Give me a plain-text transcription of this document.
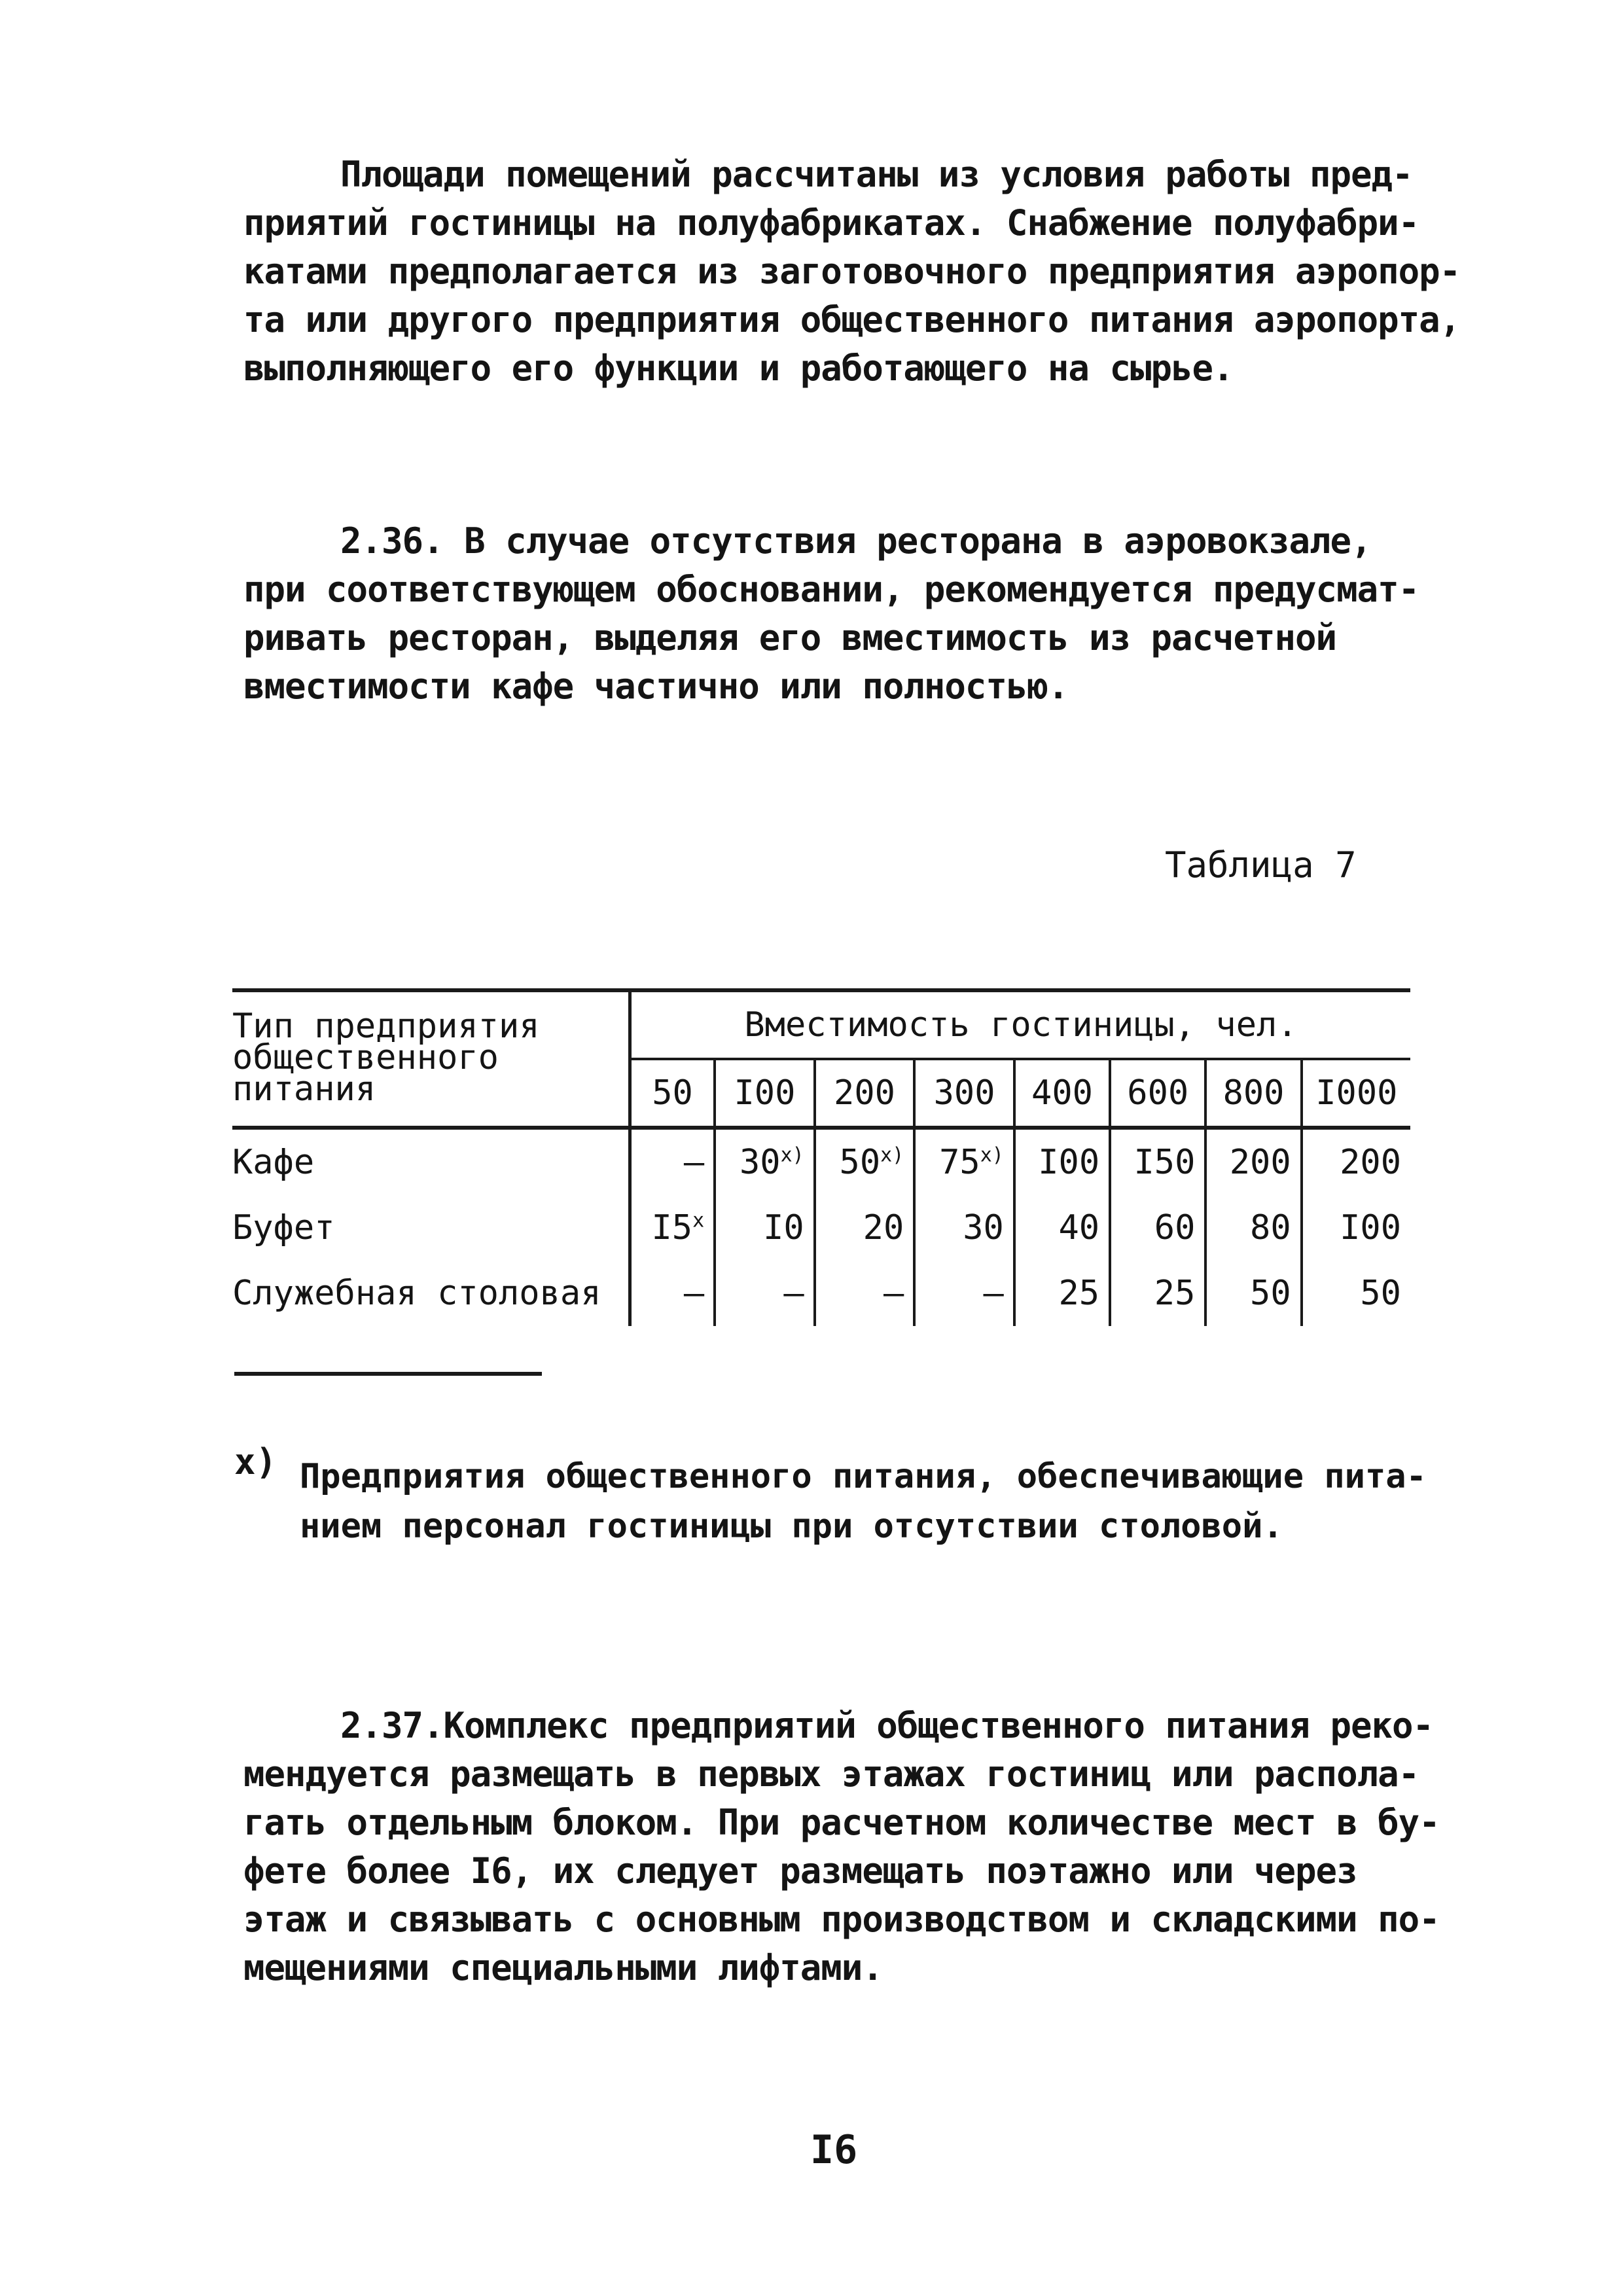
Площади помещений рассчитаны из условия работы пред-
приятий гостиницы на полуфабрикатах. Снабжение полуфабри-
катами предполагается из заготовочного предприятия аэропор-
та или другого предприятия общественного питания аэропорта,
выполняющего его функции и работающего на сырье.
2.36. В случае отсутствия ресторана в аэровокзале,
при соответствующем обосновании, рекомендуется предусмат-
ривать ресторан, выделяя его вместимость из расчетной
вместимости кафе частично или полностью.
Таблица 7
Тип предприятия общественного питания	Вместимость гостиницы, чел.							
	50	I00	200	300	400	600	800	I000
Кафе	–	30$^{x)}$	50$^{x)}$	75$^{x)}$	I00	I50	200	200
Буфет	I5$^x$	I0	20	30	40	60	80	I00
Служебная столовая	–	–	–	–	25	25	50	50
x) Предприятия общественного питания, обеспечивающие пита-
нием персонал гостиницы при отсутствии столовой.
2.37.Комплекс предприятий общественного питания реко-
мендуется размещать в первых этажах гостиниц или распола-
гать отдельным блоком. При расчетном количестве мест в бу-
фете более I6, их следует размещать поэтажно или через
этаж и связывать с основным производством и складскими по-
мещениями специальными лифтами.
I6
